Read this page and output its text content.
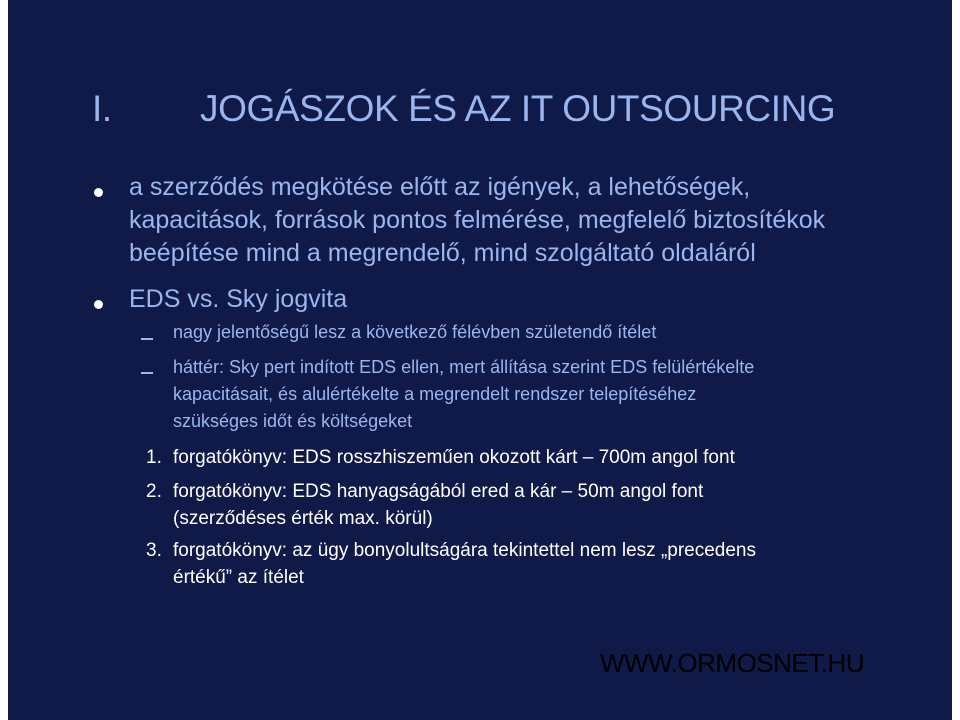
I. JOGÁSZOK ÉS AZ IT OUTSOURCING
a szerződés megkötése előtt az igények, a lehetőségek,
kapacitások, források pontos felmérése, megfelelő biztosítékok
beépítése mind a megrendelő, mind szolgáltató oldaláról
EDS vs. Sky jogvita
nagy jelentőségű lesz a következő félévben születendő ítélet
háttér: Sky pert indított EDS ellen, mert állítása szerint EDS felülértékelte
kapacitásait, és alulértékelte a megrendelt rendszer telepítéséhez
szükséges időt és költségeket
1. forgatókönyv: EDS rosszhiszeműen okozott kárt – 700m angol font
2. forgatókönyv: EDS hanyagságából ered a kár – 50m angol font
(szerződéses érték max. körül)
3. forgatókönyv: az ügy bonyolultságára tekintettel nem lesz „precedens
értékű” az ítélet
WWW.ORMOSNET.HU
